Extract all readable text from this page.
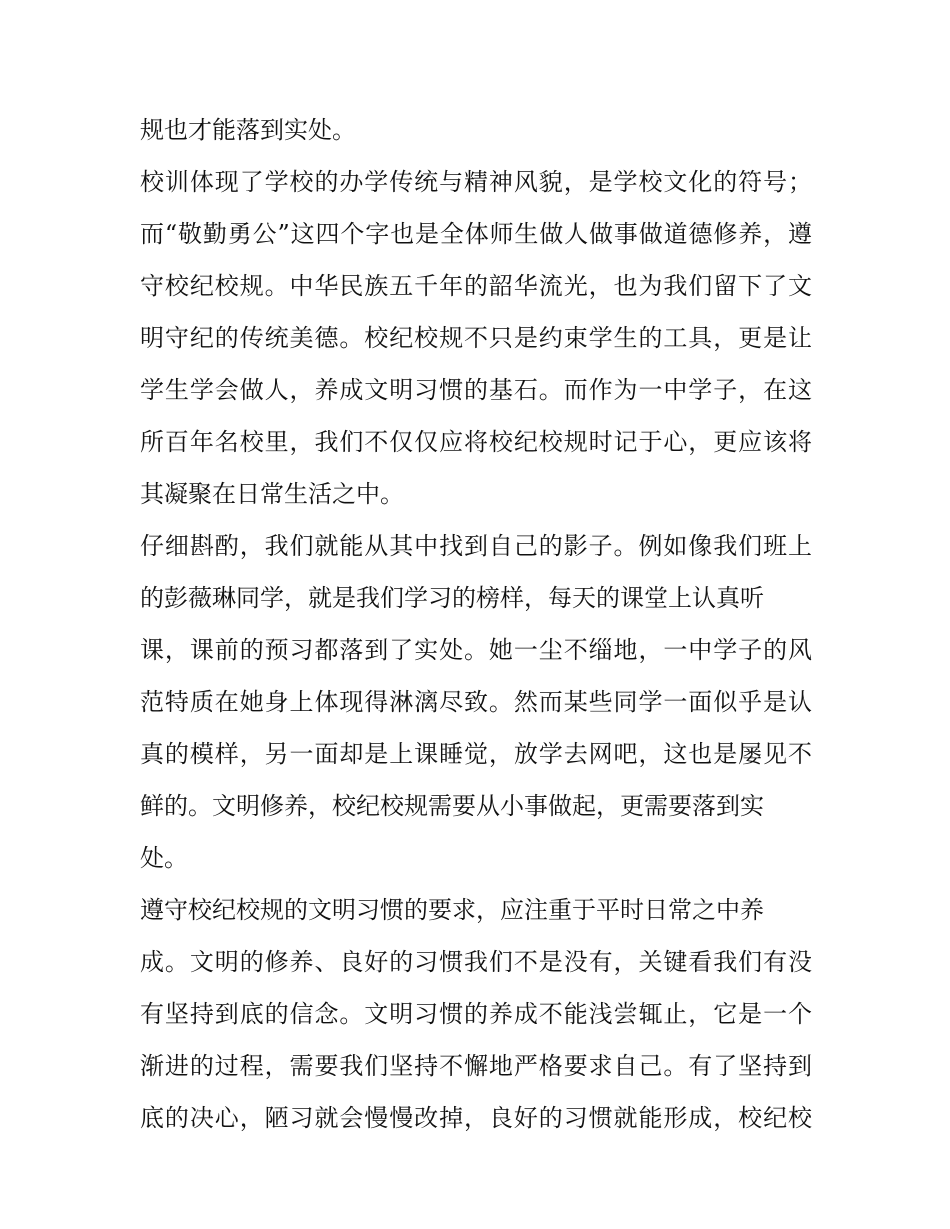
规也才能落到实处。
校训体现了学校的办学传统与精神风貌，是学校文化的符号；
而“敬勤勇公”这四个字也是全体师生做人做事做道德修养，遵
守校纪校规。中华民族五千年的韶华流光，也为我们留下了文
明守纪的传统美德。校纪校规不只是约束学生的工具，更是让
学生学会做人，养成文明习惯的基石。而作为一中学子，在这
所百年名校里，我们不仅仅应将校纪校规时记于心，更应该将
其凝聚在日常生活之中。
仔细斟酌，我们就能从其中找到自己的影子。例如像我们班上
的彭薇琳同学，就是我们学习的榜样，每天的课堂上认真听
课，课前的预习都落到了实处。她一尘不缁地，一中学子的风
范特质在她身上体现得淋漓尽致。然而某些同学一面似乎是认
真的模样，另一面却是上课睡觉，放学去网吧，这也是屡见不
鲜的。文明修养，校纪校规需要从小事做起，更需要落到实
处。
遵守校纪校规的文明习惯的要求，应注重于平时日常之中养
成。文明的修养、良好的习惯我们不是没有，关键看我们有没
有坚持到底的信念。文明习惯的养成不能浅尝辄止，它是一个
渐进的过程，需要我们坚持不懈地严格要求自己。有了坚持到
底的决心，陋习就会慢慢改掉，良好的习惯就能形成，校纪校
